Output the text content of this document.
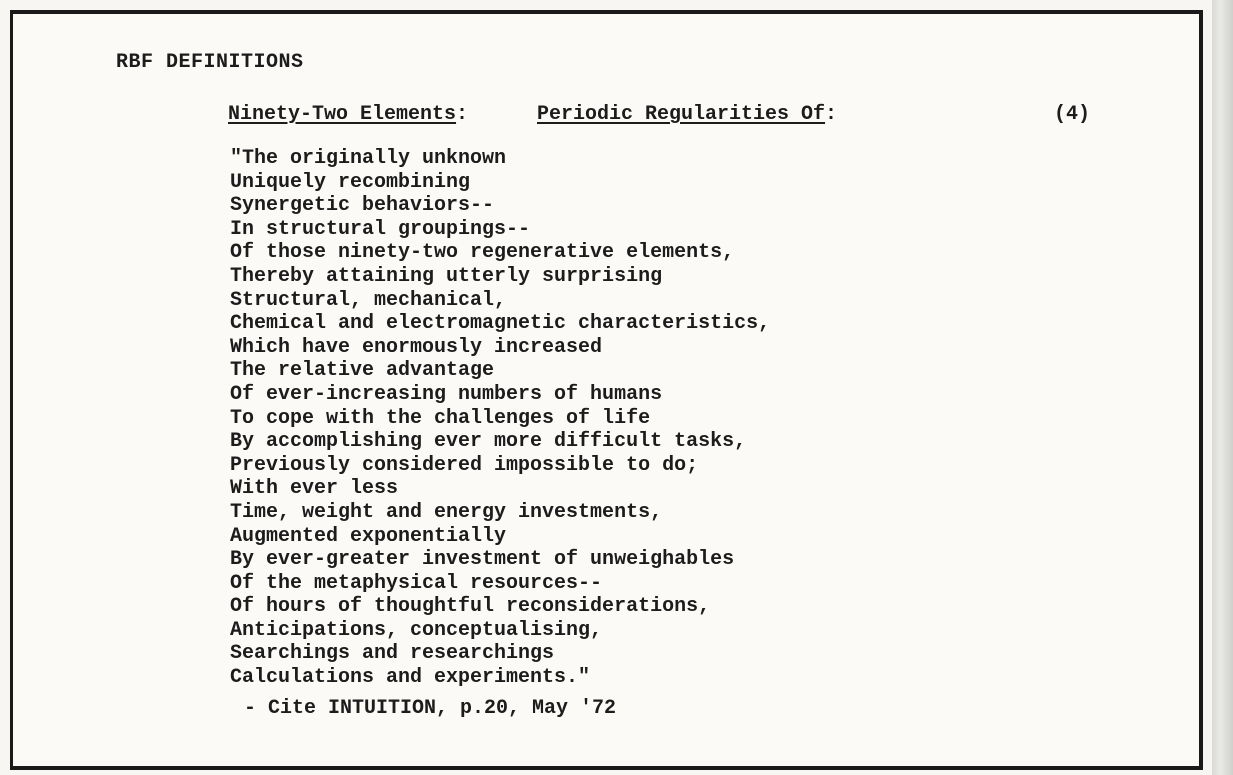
RBF DEFINITIONS
Ninety-Two Elements:	Periodic Regularities Of:	(4)
"The originally unknown
Uniquely recombining
Synergetic behaviors--
In structural groupings--
Of those ninety-two regenerative elements,
Thereby attaining utterly surprising
Structural, mechanical,
Chemical and electromagnetic characteristics,
Which have enormously increased
The relative advantage
Of ever-increasing numbers of humans
To cope with the challenges of life
By accomplishing ever more difficult tasks,
Previously considered impossible to do;
With ever less
Time, weight and energy investments,
Augmented exponentially
By ever-greater investment of unweighables
Of the metaphysical resources--
Of hours of thoughtful reconsiderations,
Anticipations, conceptualising,
Searchings and researchings
Calculations and experiments."
- Cite INTUITION, p.20, May '72
